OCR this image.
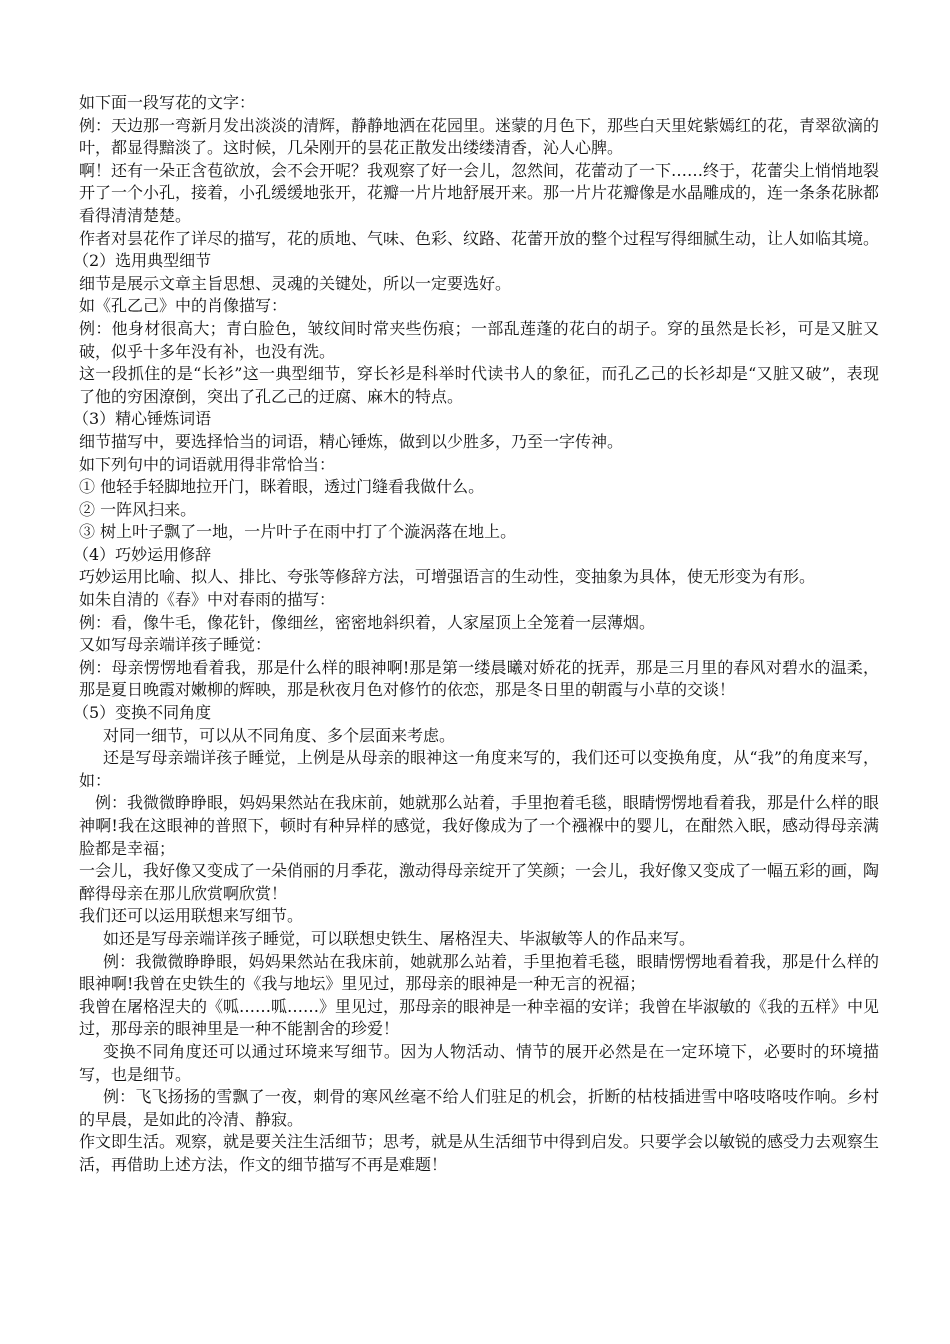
如下面一段写花的文字：

例：天边那一弯新月发出淡淡的清辉，静静地洒在花园里。迷蒙的月色下，那些白天里姹紫嫣红的花，青翠欲滴的叶，都显得黯淡了。这时候，几朵刚开的昙花正散发出缕缕清香，沁人心脾。

啊！还有一朵正含苞欲放，会不会开呢？我观察了好一会儿，忽然间，花蕾动了一下……终于，花蕾尖上悄悄地裂开了一个小孔，接着，小孔缓缓地张开，花瓣一片片地舒展开来。那一片片花瓣像是水晶雕成的，连一条条花脉都看得清清楚楚。

作者对昙花作了详尽的描写，花的质地、气味、色彩、纹路、花蕾开放的整个过程写得细腻生动，让人如临其境。

（2）选用典型细节

细节是展示文章主旨思想、灵魂的关键处，所以一定要选好。

如《孔乙己》中的肖像描写：

例：他身材很高大；青白脸色，皱纹间时常夹些伤痕；一部乱莲蓬的花白的胡子。穿的虽然是长衫，可是又脏又破，似乎十多年没有补，也没有洗。

这一段抓住的是“长衫”这一典型细节，穿长衫是科举时代读书人的象征，而孔乙己的长衫却是“又脏又破”，表现了他的穷困潦倒，突出了孔乙己的迂腐、麻木的特点。

（3）精心锤炼词语

细节描写中，要选择恰当的词语，精心锤炼，做到以少胜多，乃至一字传神。

如下列句中的词语就用得非常恰当：

① 他轻手轻脚地拉开门，眯着眼，透过门缝看我做什么。

② 一阵风扫来。

③ 树上叶子飘了一地，一片叶子在雨中打了个漩涡落在地上。

（4）巧妙运用修辞

巧妙运用比喻、拟人、排比、夸张等修辞方法，可增强语言的生动性，变抽象为具体，使无形变为有形。

如朱自清的《春》中对春雨的描写：

例：看，像牛毛，像花针，像细丝，密密地斜织着，人家屋顶上全笼着一层薄烟。

又如写母亲端详孩子睡觉：

例：母亲愣愣地看着我，那是什么样的眼神啊!那是第一缕晨曦对娇花的抚弄，那是三月里的春风对碧水的温柔，那是夏日晚霞对嫩柳的辉映，那是秋夜月色对修竹的依恋，那是冬日里的朝霞与小草的交谈！

（5）变换不同角度

对同一细节，可以从不同角度、多个层面来考虑。

还是写母亲端详孩子睡觉，上例是从母亲的眼神这一角度来写的，我们还可以变换角度，从“我”的角度来写，如：

例：我微微睁睁眼，妈妈果然站在我床前，她就那么站着，手里抱着毛毯，眼睛愣愣地看着我，那是什么样的眼神啊!我在这眼神的普照下，顿时有种异样的感觉，我好像成为了一个襁褓中的婴儿，在酣然入眠，感动得母亲满脸都是幸福；

一会儿，我好像又变成了一朵俏丽的月季花，激动得母亲绽开了笑颜；一会儿，我好像又变成了一幅五彩的画，陶醉得母亲在那儿欣赏啊欣赏！

我们还可以运用联想来写细节。

如还是写母亲端详孩子睡觉，可以联想史铁生、屠格涅夫、毕淑敏等人的作品来写。

例：我微微睁睁眼，妈妈果然站在我床前，她就那么站着，手里抱着毛毯，眼睛愣愣地看着我，那是什么样的眼神啊!我曾在史铁生的《我与地坛》里见过，那母亲的眼神是一种无言的祝福；

我曾在屠格涅夫的《呱……呱……》里见过，那母亲的眼神是一种幸福的安详；我曾在毕淑敏的《我的五样》中见过，那母亲的眼神里是一种不能割舍的珍爱！

变换不同角度还可以通过环境来写细节。因为人物活动、情节的展开必然是在一定环境下，必要时的环境描写，也是细节。

例：飞飞扬扬的雪飘了一夜，刺骨的寒风丝毫不给人们驻足的机会，折断的枯枝插进雪中咯吱咯吱作响。乡村的早晨，是如此的冷清、静寂。

作文即生活。观察，就是要关注生活细节；思考，就是从生活细节中得到启发。只要学会以敏锐的感受力去观察生活，再借助上述方法，作文的细节描写不再是难题！
